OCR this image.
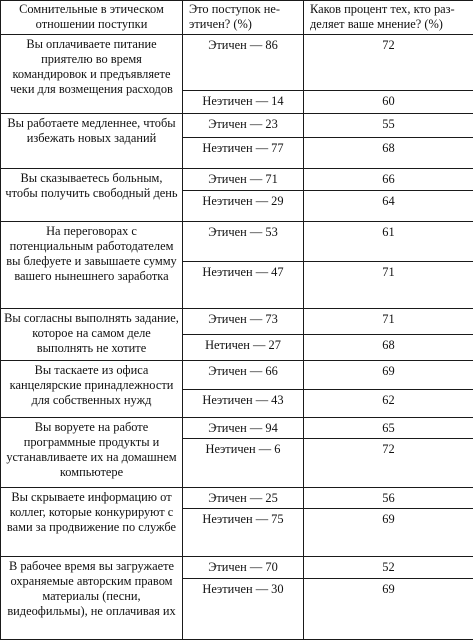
Сомнительные в этическом отношении поступки	Это поступок не- этичен? (%)	Каков процент тех, кто раз- деляет ваше мнение? (%)

Вы оплачиваете питание приятелю во время командировок и предъявляете чеки для возмещения расходов	Этичен — 86	72
	Неэтичен — 14	60

Вы работаете медленнее, чтобы избежать новых заданий	Этичен — 23	55
	Неэтичен — 77	68

Вы сказываетесь больным, чтобы получить свободный день	Этичен — 71	66
	Неэтичен — 29	64

На переговорах с потенциальным работодателем вы блефуете и завышаете сумму вашего нынешнего заработка	Этичен — 53	61
	Неэтичен — 47	71

Вы согласны выполнять задание, которое на самом деле выполнять не хотите	Этичен — 73	71
	Нетичен — 27	68

Вы таскаете из офиса канцелярские принадлежности для собственных нужд	Этичен — 66	69
	Неэтичен — 43	62

Вы воруете на работе программные продукты и устанавливаете их на домашнем компьютере	Этичен — 94	65
	Неэтичен — 6	72

Вы скрываете информацию от коллег, которые конкурируют с вами за продвижение по службе	Этичен — 25	56
	Неэтичен — 75	69

В рабочее время вы загружаете охраняемые авторским правом материалы (песни, видеофильмы), не оплачивая их	Этичен — 70	52
	Неэтичен — 30	69
